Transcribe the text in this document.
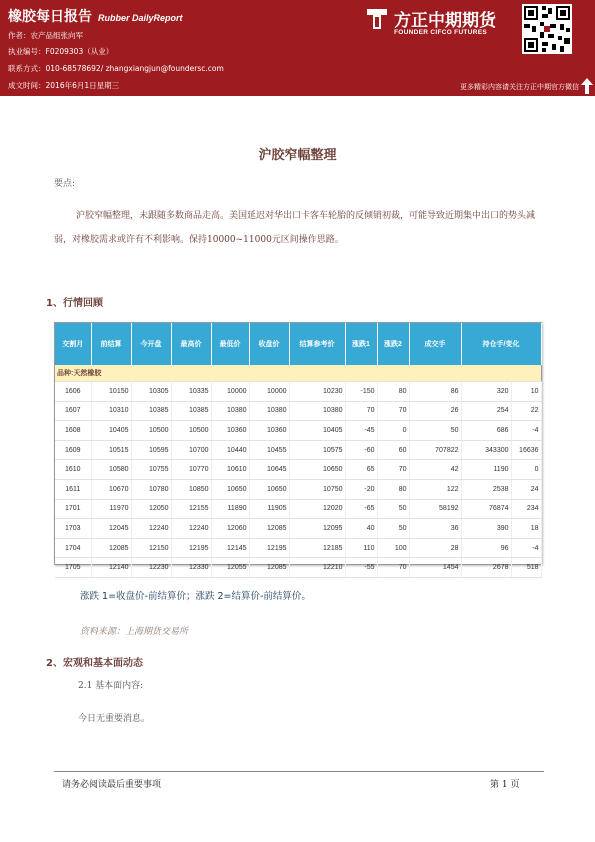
橡胶每日报告 Rubber DailyReport
作者：农产品组张向军
执业编号：F0209303（从业）
联系方式：010-68578692/ zhangxiangjun@foundersc.com
成文时间：2016年6月1日星期三
方正中期期货
FOUNDER CIFCO FUTURES
更多精彩内容请关注方正中期官方微信
沪胶窄幅整理
要点:
沪胶窄幅整理，未跟随多数商品走高。美国延迟对华出口卡客车轮胎的反倾销初裁，可能导致近期集中出口的势头减弱，对橡胶需求或许有不利影响。保持10000~11000元区间操作思路。
1、行情回顾
交割月	前结算	今开盘	最高价	最低价	收盘价	结算参考价	涨跌1	涨跌2	成交手	持仓手/变化	
品种:天然橡胶											
1606	10150	10305	10335	10000	10000	10230	-150	80	86	320	10
1607	10310	10385	10385	10380	10380	10380	70	70	26	254	22
1608	10405	10500	10500	10360	10360	10405	-45	0	50	686	-4
1609	10515	10595	10700	10440	10455	10575	-60	60	707822	343300	16636
1610	10580	10755	10770	10610	10645	10650	65	70	42	1190	0
1611	10670	10780	10850	10650	10650	10750	-20	80	122	2538	24
1701	11970	12050	12155	11890	11905	12020	-65	50	58192	76874	234
1703	12045	12240	12240	12060	12085	12095	40	50	36	390	18
1704	12085	12150	12195	12145	12195	12185	110	100	28	96	-4
1705	12140	12230	12330	12055	12085	12210	-55	70	1454	2678	518
涨跌 1=收盘价-前结算价；涨跌 2=结算价-前结算价。
资料来源：上海期货交易所
2、宏观和基本面动态
2.1 基本面内容:
今日无重要消息。
请务必阅读最后重要事项	第 1 页
